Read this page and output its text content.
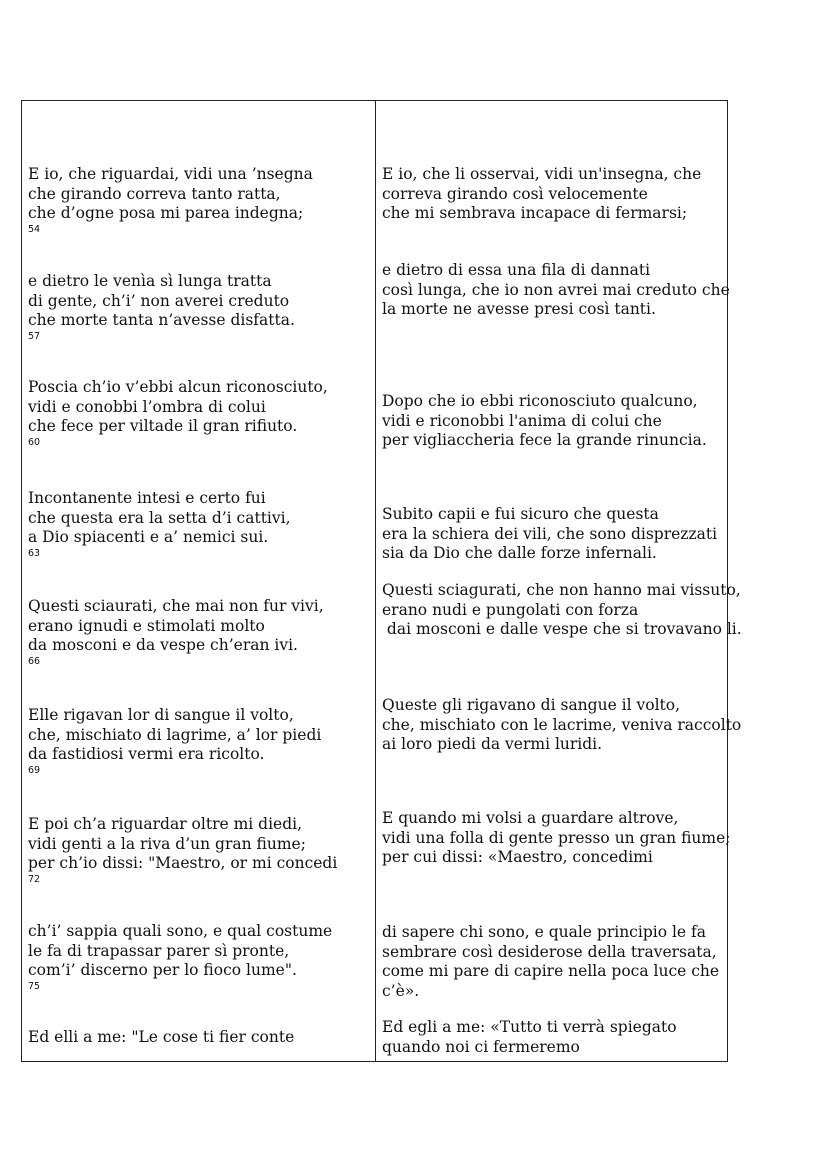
E io, che riguardai, vidi una ’nsegna
che girando correva tanto ratta,
che d’ogne posa mi parea indegna;
54
E io, che li osservai, vidi un'insegna, che
correva girando così velocemente
che mi sembrava incapace di fermarsi;
e dietro le venìa sì lunga tratta
di gente, ch’i’ non averei creduto
che morte tanta n’avesse disfatta.
57
e dietro di essa una fila di dannati
così lunga, che io non avrei mai creduto che
la morte ne avesse presi così tanti.
Poscia ch’io v’ebbi alcun riconosciuto,
vidi e conobbi l’ombra di colui
che fece per viltade il gran rifiuto.
60
Dopo che io ebbi riconosciuto qualcuno,
vidi e riconobbi l'anima di colui che
per vigliaccheria fece la grande rinuncia.
Incontanente intesi e certo fui
che questa era la setta d’i cattivi,
a Dio spiacenti e a’ nemici sui.
63
Subito capii e fui sicuro che questa
era la schiera dei vili, che sono disprezzati
sia da Dio che dalle forze infernali.
Questi sciaurati, che mai non fur vivi,
erano ignudi e stimolati molto
da mosconi e da vespe ch’eran ivi.
66
Questi sciagurati, che non hanno mai vissuto,
erano nudi e pungolati con forza
dai mosconi e dalle vespe che si trovavano li.
Elle rigavan lor di sangue il volto,
che, mischiato di lagrime, a’ lor piedi
da fastidiosi vermi era ricolto.
69
Queste gli rigavano di sangue il volto,
che, mischiato con le lacrime, veniva raccolto
ai loro piedi da vermi luridi.
E poi ch’a riguardar oltre mi diedi,
vidi genti a la riva d’un gran fiume;
per ch’io dissi: "Maestro, or mi concedi
72
E quando mi volsi a guardare altrove,
vidi una folla di gente presso un gran fiume;
per cui dissi: «Maestro, concedimi
ch’i’ sappia quali sono, e qual costume
le fa di trapassar parer sì pronte,
com’i’ discerno per lo fioco lume".
75
di sapere chi sono, e quale principio le fa
sembrare così desiderose della traversata,
come mi pare di capire nella poca luce che
c’è».
Ed elli a me: "Le cose ti fier conte
Ed egli a me: «Tutto ti verrà spiegato
quando noi ci fermeremo
